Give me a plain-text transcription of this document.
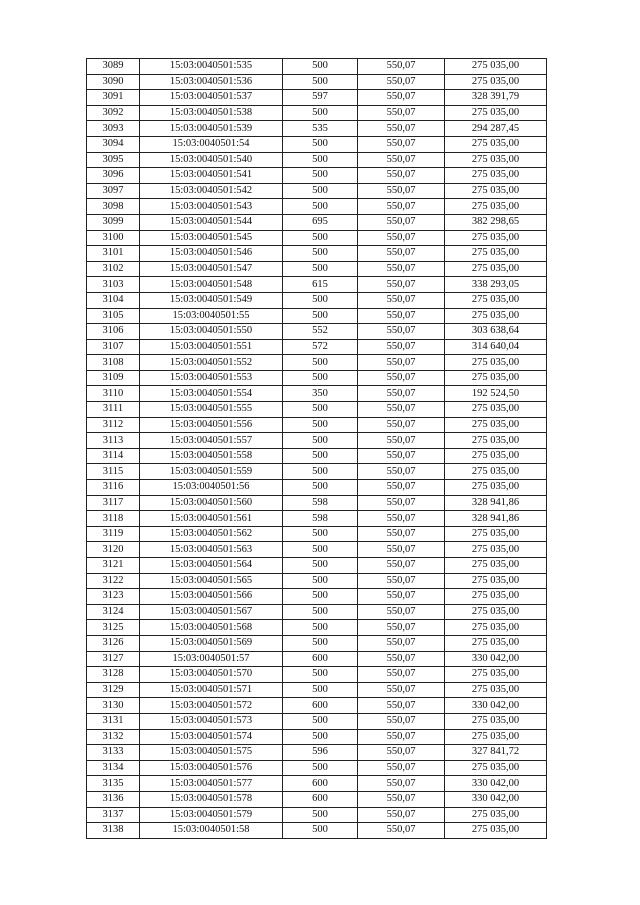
3089	15:03:0040501:535	500	550,07	275 035,00
3090	15:03:0040501:536	500	550,07	275 035,00
3091	15:03:0040501:537	597	550,07	328 391,79
3092	15:03:0040501:538	500	550,07	275 035,00
3093	15:03:0040501:539	535	550,07	294 287,45
3094	15:03:0040501:54	500	550,07	275 035,00
3095	15:03:0040501:540	500	550,07	275 035,00
3096	15:03:0040501:541	500	550,07	275 035,00
3097	15:03:0040501:542	500	550,07	275 035,00
3098	15:03:0040501:543	500	550,07	275 035,00
3099	15:03:0040501:544	695	550,07	382 298,65
3100	15:03:0040501:545	500	550,07	275 035,00
3101	15:03:0040501:546	500	550,07	275 035,00
3102	15:03:0040501:547	500	550,07	275 035,00
3103	15:03:0040501:548	615	550,07	338 293,05
3104	15:03:0040501:549	500	550,07	275 035,00
3105	15:03:0040501:55	500	550,07	275 035,00
3106	15:03:0040501:550	552	550,07	303 638,64
3107	15:03:0040501:551	572	550,07	314 640,04
3108	15:03:0040501:552	500	550,07	275 035,00
3109	15:03:0040501:553	500	550,07	275 035,00
3110	15:03:0040501:554	350	550,07	192 524,50
3111	15:03:0040501:555	500	550,07	275 035,00
3112	15:03:0040501:556	500	550,07	275 035,00
3113	15:03:0040501:557	500	550,07	275 035,00
3114	15:03:0040501:558	500	550,07	275 035,00
3115	15:03:0040501:559	500	550,07	275 035,00
3116	15:03:0040501:56	500	550,07	275 035,00
3117	15:03:0040501:560	598	550,07	328 941,86
3118	15:03:0040501:561	598	550,07	328 941,86
3119	15:03:0040501:562	500	550,07	275 035,00
3120	15:03:0040501:563	500	550,07	275 035,00
3121	15:03:0040501:564	500	550,07	275 035,00
3122	15:03:0040501:565	500	550,07	275 035,00
3123	15:03:0040501:566	500	550,07	275 035,00
3124	15:03:0040501:567	500	550,07	275 035,00
3125	15:03:0040501:568	500	550,07	275 035,00
3126	15:03:0040501:569	500	550,07	275 035,00
3127	15:03:0040501:57	600	550,07	330 042,00
3128	15:03:0040501:570	500	550,07	275 035,00
3129	15:03:0040501:571	500	550,07	275 035,00
3130	15:03:0040501:572	600	550,07	330 042,00
3131	15:03:0040501:573	500	550,07	275 035,00
3132	15:03:0040501:574	500	550,07	275 035,00
3133	15:03:0040501:575	596	550,07	327 841,72
3134	15:03:0040501:576	500	550,07	275 035,00
3135	15:03:0040501:577	600	550,07	330 042,00
3136	15:03:0040501:578	600	550,07	330 042,00
3137	15:03:0040501:579	500	550,07	275 035,00
3138	15:03:0040501:58	500	550,07	275 035,00
